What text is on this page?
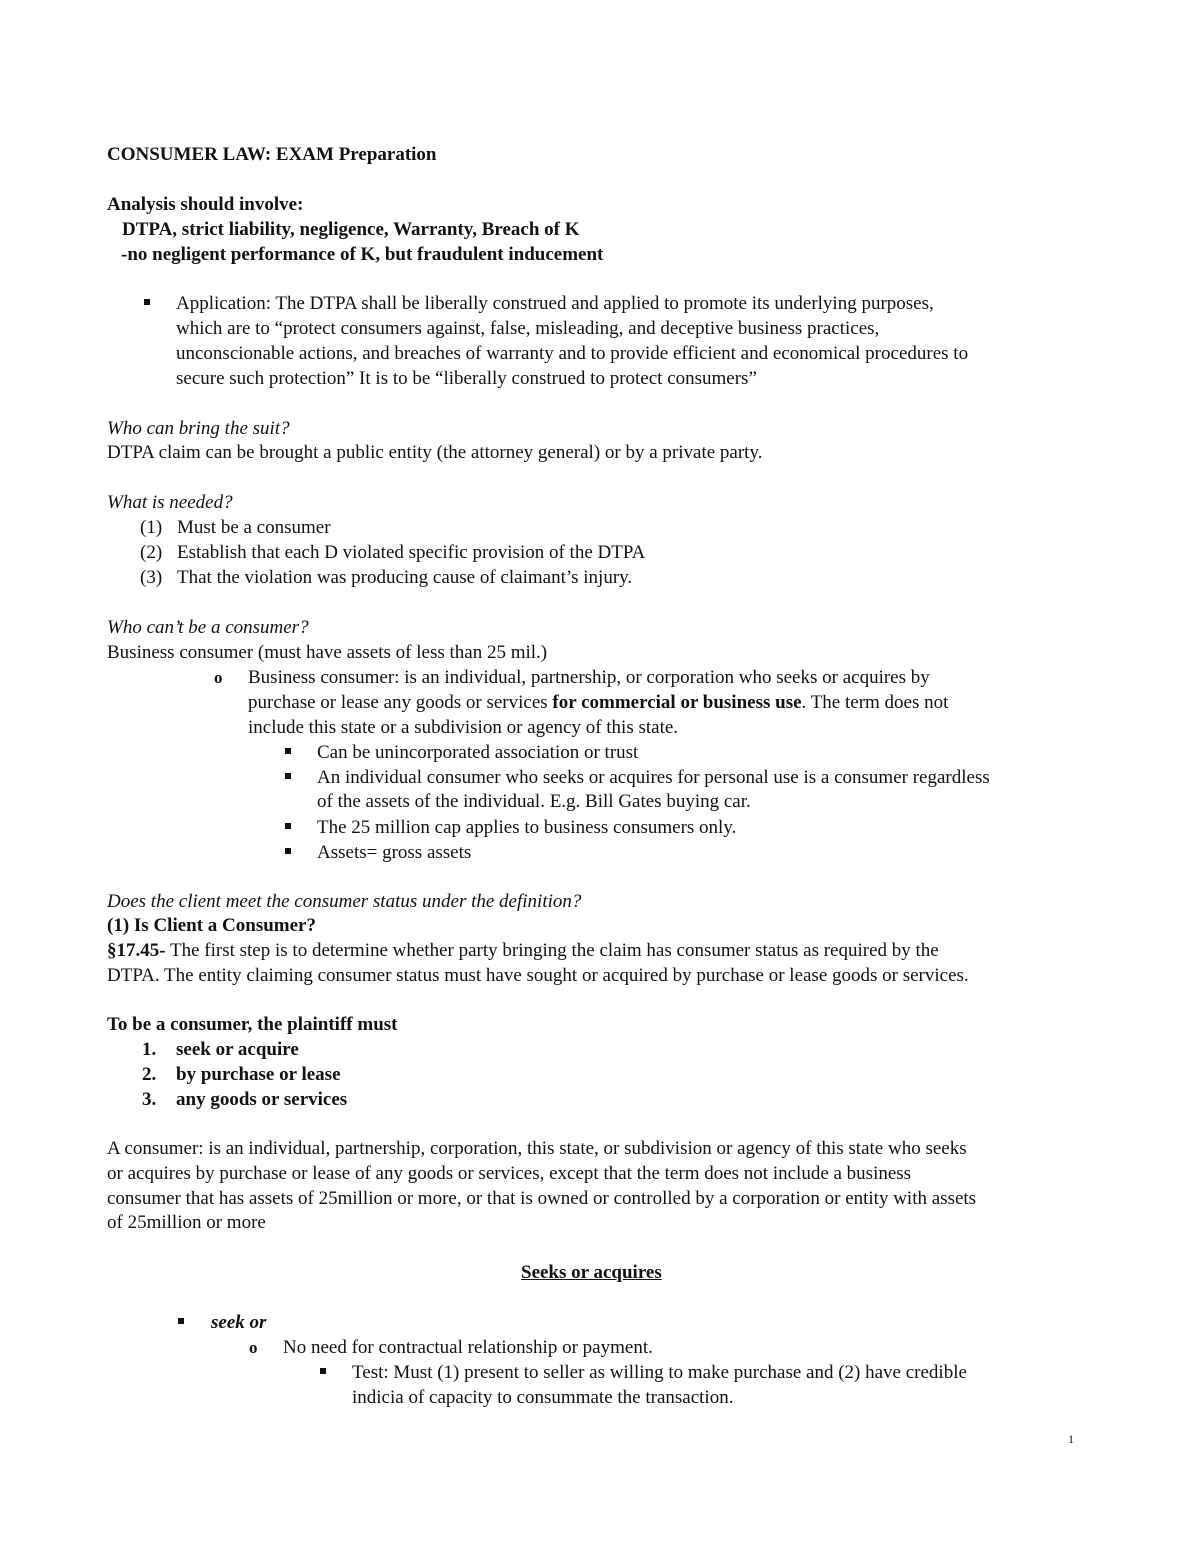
CONSUMER LAW: EXAM Preparation
Analysis should involve:
DTPA, strict liability, negligence, Warranty, Breach of K
-no negligent performance of K, but fraudulent inducement
Application: The DTPA shall be liberally construed and applied to promote its underlying purposes,
which are to “protect consumers against, false, misleading, and deceptive business practices,
unconscionable actions, and breaches of warranty and to provide efficient and economical procedures to
secure such protection” It is to be “liberally construed to protect consumers”
Who can bring the suit?
DTPA claim can be brought a public entity (the attorney general) or by a private party.
What is needed?
(1) Must be a consumer
(2) Establish that each D violated specific provision of the DTPA
(3) That the violation was producing cause of claimant’s injury.
Who can’t be a consumer?
Business consumer (must have assets of less than 25 mil.)
o Business consumer: is an individual, partnership, or corporation who seeks or acquires by
purchase or lease any goods or services for commercial or business use. The term does not
include this state or a subdivision or agency of this state.
Can be unincorporated association or trust
An individual consumer who seeks or acquires for personal use is a consumer regardless
of the assets of the individual. E.g. Bill Gates buying car.
The 25 million cap applies to business consumers only.
Assets= gross assets
Does the client meet the consumer status under the definition?
(1) Is Client a Consumer?
§17.45- The first step is to determine whether party bringing the claim has consumer status as required by the
DTPA. The entity claiming consumer status must have sought or acquired by purchase or lease goods or services.
To be a consumer, the plaintiff must
1. seek or acquire
2. by purchase or lease
3. any goods or services
A consumer: is an individual, partnership, corporation, this state, or subdivision or agency of this state who seeks
or acquires by purchase or lease of any goods or services, except that the term does not include a business
consumer that has assets of 25million or more, or that is owned or controlled by a corporation or entity with assets
of 25million or more
Seeks or acquires
seek or
o No need for contractual relationship or payment.
Test: Must (1) present to seller as willing to make purchase and (2) have credible
indicia of capacity to consummate the transaction.
1
